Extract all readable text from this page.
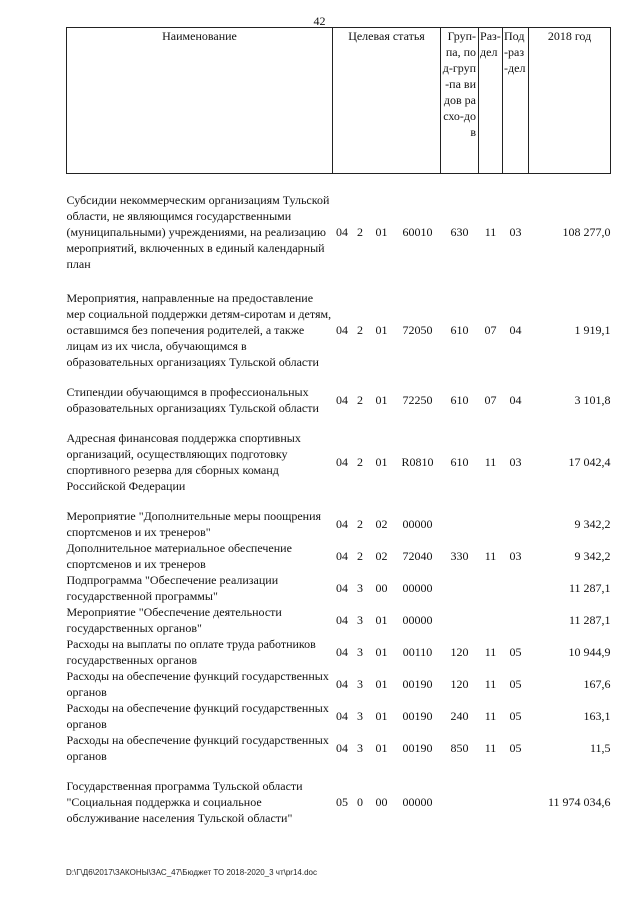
42
Наименование	Целевая статья				Груп-па, под-груп-па видов расхо-дов	Раз-дел	Под-раз-дел	2018 год

Субсидии некоммерческим организациям Тульской области, не являющимся государственными (муниципальными) учреждениями, на реализацию мероприятий, включенных в единый календарный план	04	2	01	60010	630	11	03	108 277,0

Мероприятия, направленные на предоставление мер социальной поддержки детям-сиротам и детям, оставшимся без попечения родителей, а также лицам из их числа, обучающимся в образовательных организациях Тульской области	04	2	01	72050	610	07	04	1 919,1

Стипендии обучающимся в профессиональных образовательных организациях Тульской области	04	2	01	72250	610	07	04	3 101,8

Адресная финансовая поддержка спортивных организаций, осуществляющих подготовку спортивного резерва для сборных команд Российской Федерации	04	2	01	R0810	610	11	03	17 042,4

Мероприятие "Дополнительные меры поощрения спортсменов и их тренеров"	04	2	02	00000				9 342,2
Дополнительное материальное обеспечение спортсменов и их тренеров	04	2	02	72040	330	11	03	9 342,2
Подпрограмма "Обеспечение реализации государственной программы"	04	3	00	00000				11 287,1
Мероприятие "Обеспечение деятельности государственных органов"	04	3	01	00000				11 287,1
Расходы на выплаты по оплате труда работников государственных органов	04	3	01	00110	120	11	05	10 944,9
Расходы на обеспечение функций государственных органов	04	3	01	00190	120	11	05	167,6
Расходы на обеспечение функций государственных органов	04	3	01	00190	240	11	05	163,1
Расходы на обеспечение функций государственных органов	04	3	01	00190	850	11	05	11,5

Государственная программа Тульской области "Социальная поддержка и социальное обслуживание населения Тульской области"	05	0	00	00000				11 974 034,6
D:\Г\Д6\2017\ЗАКОНЫ\ЗАС_47\Бюджет ТО 2018-2020_3 чт\pr14.doc
